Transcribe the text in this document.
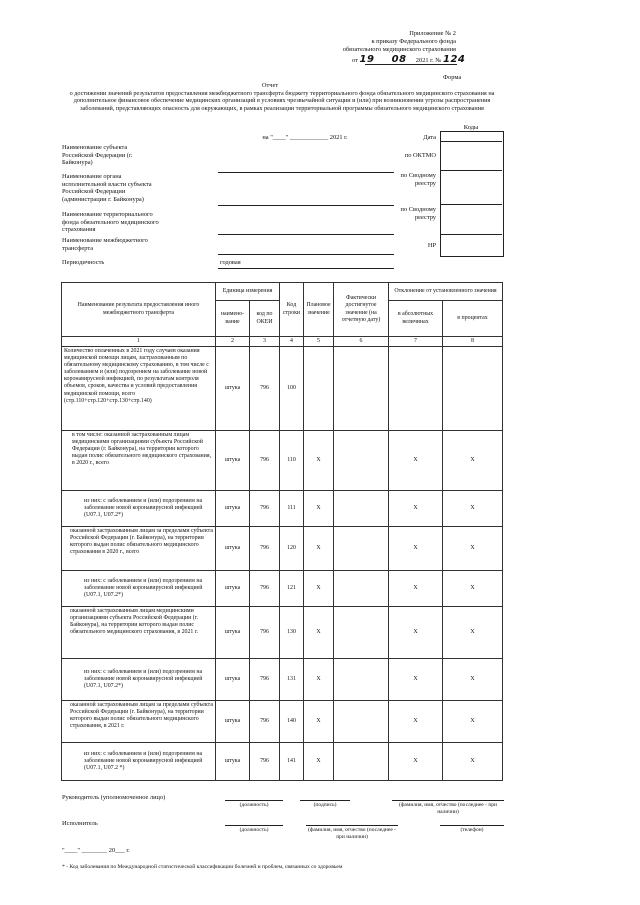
Приложение № 2
к приказу Федерального фонда
обязательного медицинского страхования
от 19 08 2021 г. № 124
Форма
Отчет
о достижении значений результатов предоставления межбюджетного трансферта бюджету территориального фонда обязательного медицинского страхования на дополнительное финансовое обеспечение медицинских организаций в условиях чрезвычайной ситуации и (или) при возникновении угрозы распространения заболеваний, представляющих опасность для окружающих, в рамках реализации территориальной программы обязательного медицинского страхования
Коды
на "____" ____________ 2021 г.	Дата
по ОКТМО
по Сводному реестру
по Сводному реестру
НР
Наименование субъекта Российской Федерации (г. Байконура)
Наименование органа исполнительной власти субъекта Российской Федерации (администрации г. Байконура)
Наименование территориального фонда обязательного медицинского страхования
Наименование межбюджетного трансферта
Периодичность	годовая
Наименование результата предоставления иного межбюджетного трансферта	Единица измерения		Код строки	Плановое значение	Фактически достигнутое значение (на отчетную дату)	Отклонение от установленного значения	
	наимено-вание	код по ОКЕИ				в абсолютных величинах	в процентах
1	2	3	4	5	6	7	8
Количество оплаченных в 2021 году случаев оказания медицинской помощи лицам, застрахованным по обязательному медицинскому страхованию, в том числе с заболеванием и (или) подозрением на заболевание новой коронавирусной инфекцией, по результатам контроля объемов, сроков, качества и условий предоставления медицинской помощи, всего (стр.110+стр.120+стр.130+стр.140)	штука	796	100				
в том числе: оказанной застрахованным лицам медицинскими организациями субъекта Российской Федерации (г. Байконура), на территории которого выдан полис обязательного медицинского страхования, в 2020 г., всего	штука	796	110	X		X	X
из них: с заболеванием и (или) подозрением на заболевание новой коронавирусной инфекцией (U07.1, U07.2*)	штука	796	111	X		X	X
оказанной застрахованным лицам за пределами субъекта Российской Федерации (г. Байконура), на территории которого выдан полис обязательного медицинского страхования в 2020 г., всего	штука	796	120	X		X	X
из них: с заболеванием и (или) подозрением на заболевание новой коронавирусной инфекцией (U07.1, U07.2*)	штука	796	121	X		X	X
оказанной застрахованным лицам медицинскими организациями субъекта Российской Федерации (г. Байконура), на территории которого выдан полис обязательного медицинского страхования, в 2021 г.	штука	796	130	X		X	X
из них: с заболеванием и (или) подозрением на заболевание новой коронавирусной инфекцией (U07.1, U07.2*)	штука	796	131	X		X	X
оказанной застрахованным лицам за пределами субъекта Российской Федерации (г. Байконура), на территории которого выдан полис обязательного медицинского страхования, в 2021 г.	штука	796	140	X		X	X
из них: с заболеванием и (или) подозрением на заболевание новой коронавирусной инфекцией (U07.1, U07.2 *)	штука	796	141	X		X	X
Руководитель (уполномоченное лицо)
(должность)	(подпись)	(фамилия, имя, отчество (последнее - при наличии)
Исполнитель
(должность)	(фамилия, имя, отчество (последнее - при наличии)
(телефон)
"____" ________ 20___ г.
* - Код заболевания по Международной статистической классификации болезней и проблем, связанных со здоровьем
